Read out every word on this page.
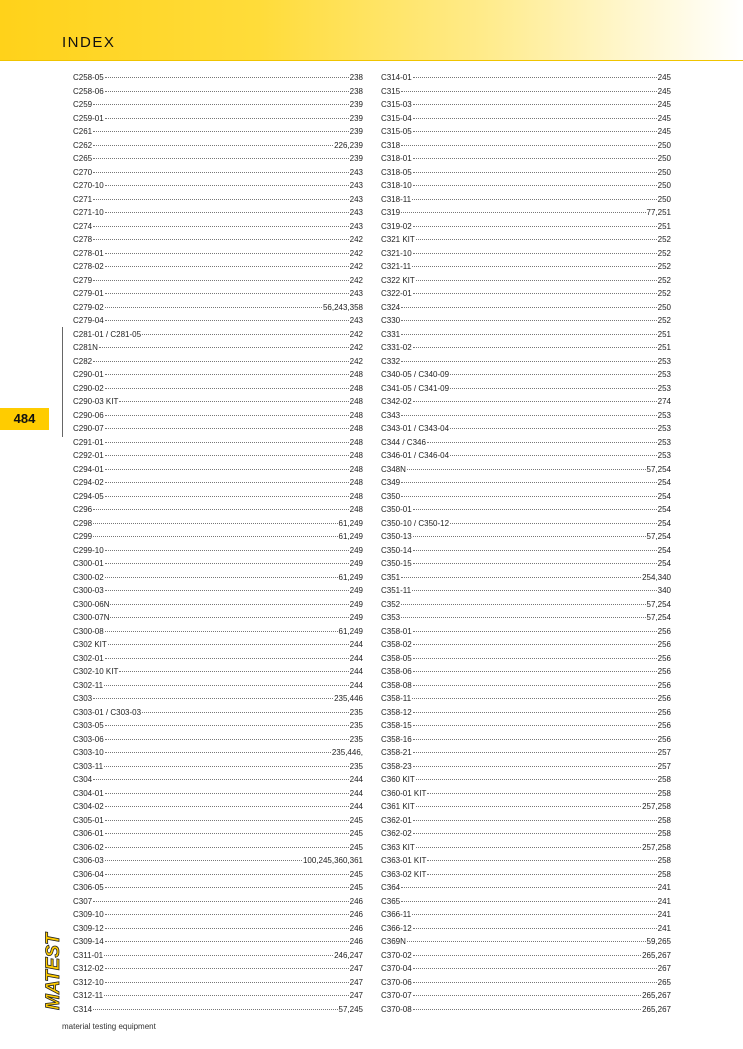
INDEX
484
C258-05	238
C258-06	238
C259	239
C259-01	239
C261	239
C262	226,239
C265	239
C270	243
C270-10	243
C271	243
C271-10	243
C274	243
C278	242
C278-01	242
C278-02	242
C279	242
C279-01	243
C279-02	56,243,358
C279-04	243
C281-01 / C281-05	242
C281N	242
C282	242
C290-01	248
C290-02	248
C290-03 KIT	248
C290-06	248
C290-07	248
C291-01	248
C292-01	248
C294-01	248
C294-02	248
C294-05	248
C296	248
C298	61,249
C299	61,249
C299-10	249
C300-01	249
C300-02	61,249
C300-03	249
C300-06N	249
C300-07N	249
C300-08	61,249
C302 KIT	244
C302-01	244
C302-10 KIT	244
C302-11	244
C303	235,446
C303-01 / C303-03	235
C303-05	235
C303-06	235
C303-10	235,446,
C303-11	235
C304	244
C304-01	244
C304-02	244
C305-01	245
C306-01	245
C306-02	245
C306-03	100,245,360,361
C306-04	245
C306-05	245
C307	246
C309-10	246
C309-12	246
C309-14	246
C311-01	246,247
C312-02	247
C312-10	247
C312-11	247
C314	57,245
C314-01	245
C315	245
C315-03	245
C315-04	245
C315-05	245
C318	250
C318-01	250
C318-05	250
C318-10	250
C318-11	250
C319	77,251
C319-02	251
C321 KIT	252
C321-10	252
C321-11	252
C322 KIT	252
C322-01	252
C324	250
C330	252
C331	251
C331-02	251
C332	253
C340-05 / C340-09	253
C341-05 / C341-09	253
C342-02	274
C343	253
C343-01 / C343-04	253
C344 / C346	253
C346-01 / C346-04	253
C348N	57,254
C349	254
C350	254
C350-01	254
C350-10 / C350-12	254
C350-13	57,254
C350-14	254
C350-15	254
C351	254,340
C351-11	340
C352	57,254
C353	57,254
C358-01	256
C358-02	256
C358-05	256
C358-06	256
C358-08	256
C358-11	256
C358-12	256
C358-15	256
C358-16	256
C358-21	257
C358-23	257
C360 KIT	258
C360-01 KIT	258
C361 KIT	257,258
C362-01	258
C362-02	258
C363 KIT	257,258
C363-01 KIT	258
C363-02 KIT	258
C364	241
C365	241
C366-11	241
C366-12	241
C369N	59,265
C370-02	265,267
C370-04	267
C370-06	265
C370-07	265,267
C370-08	265,267
MATEST
material testing equipment
